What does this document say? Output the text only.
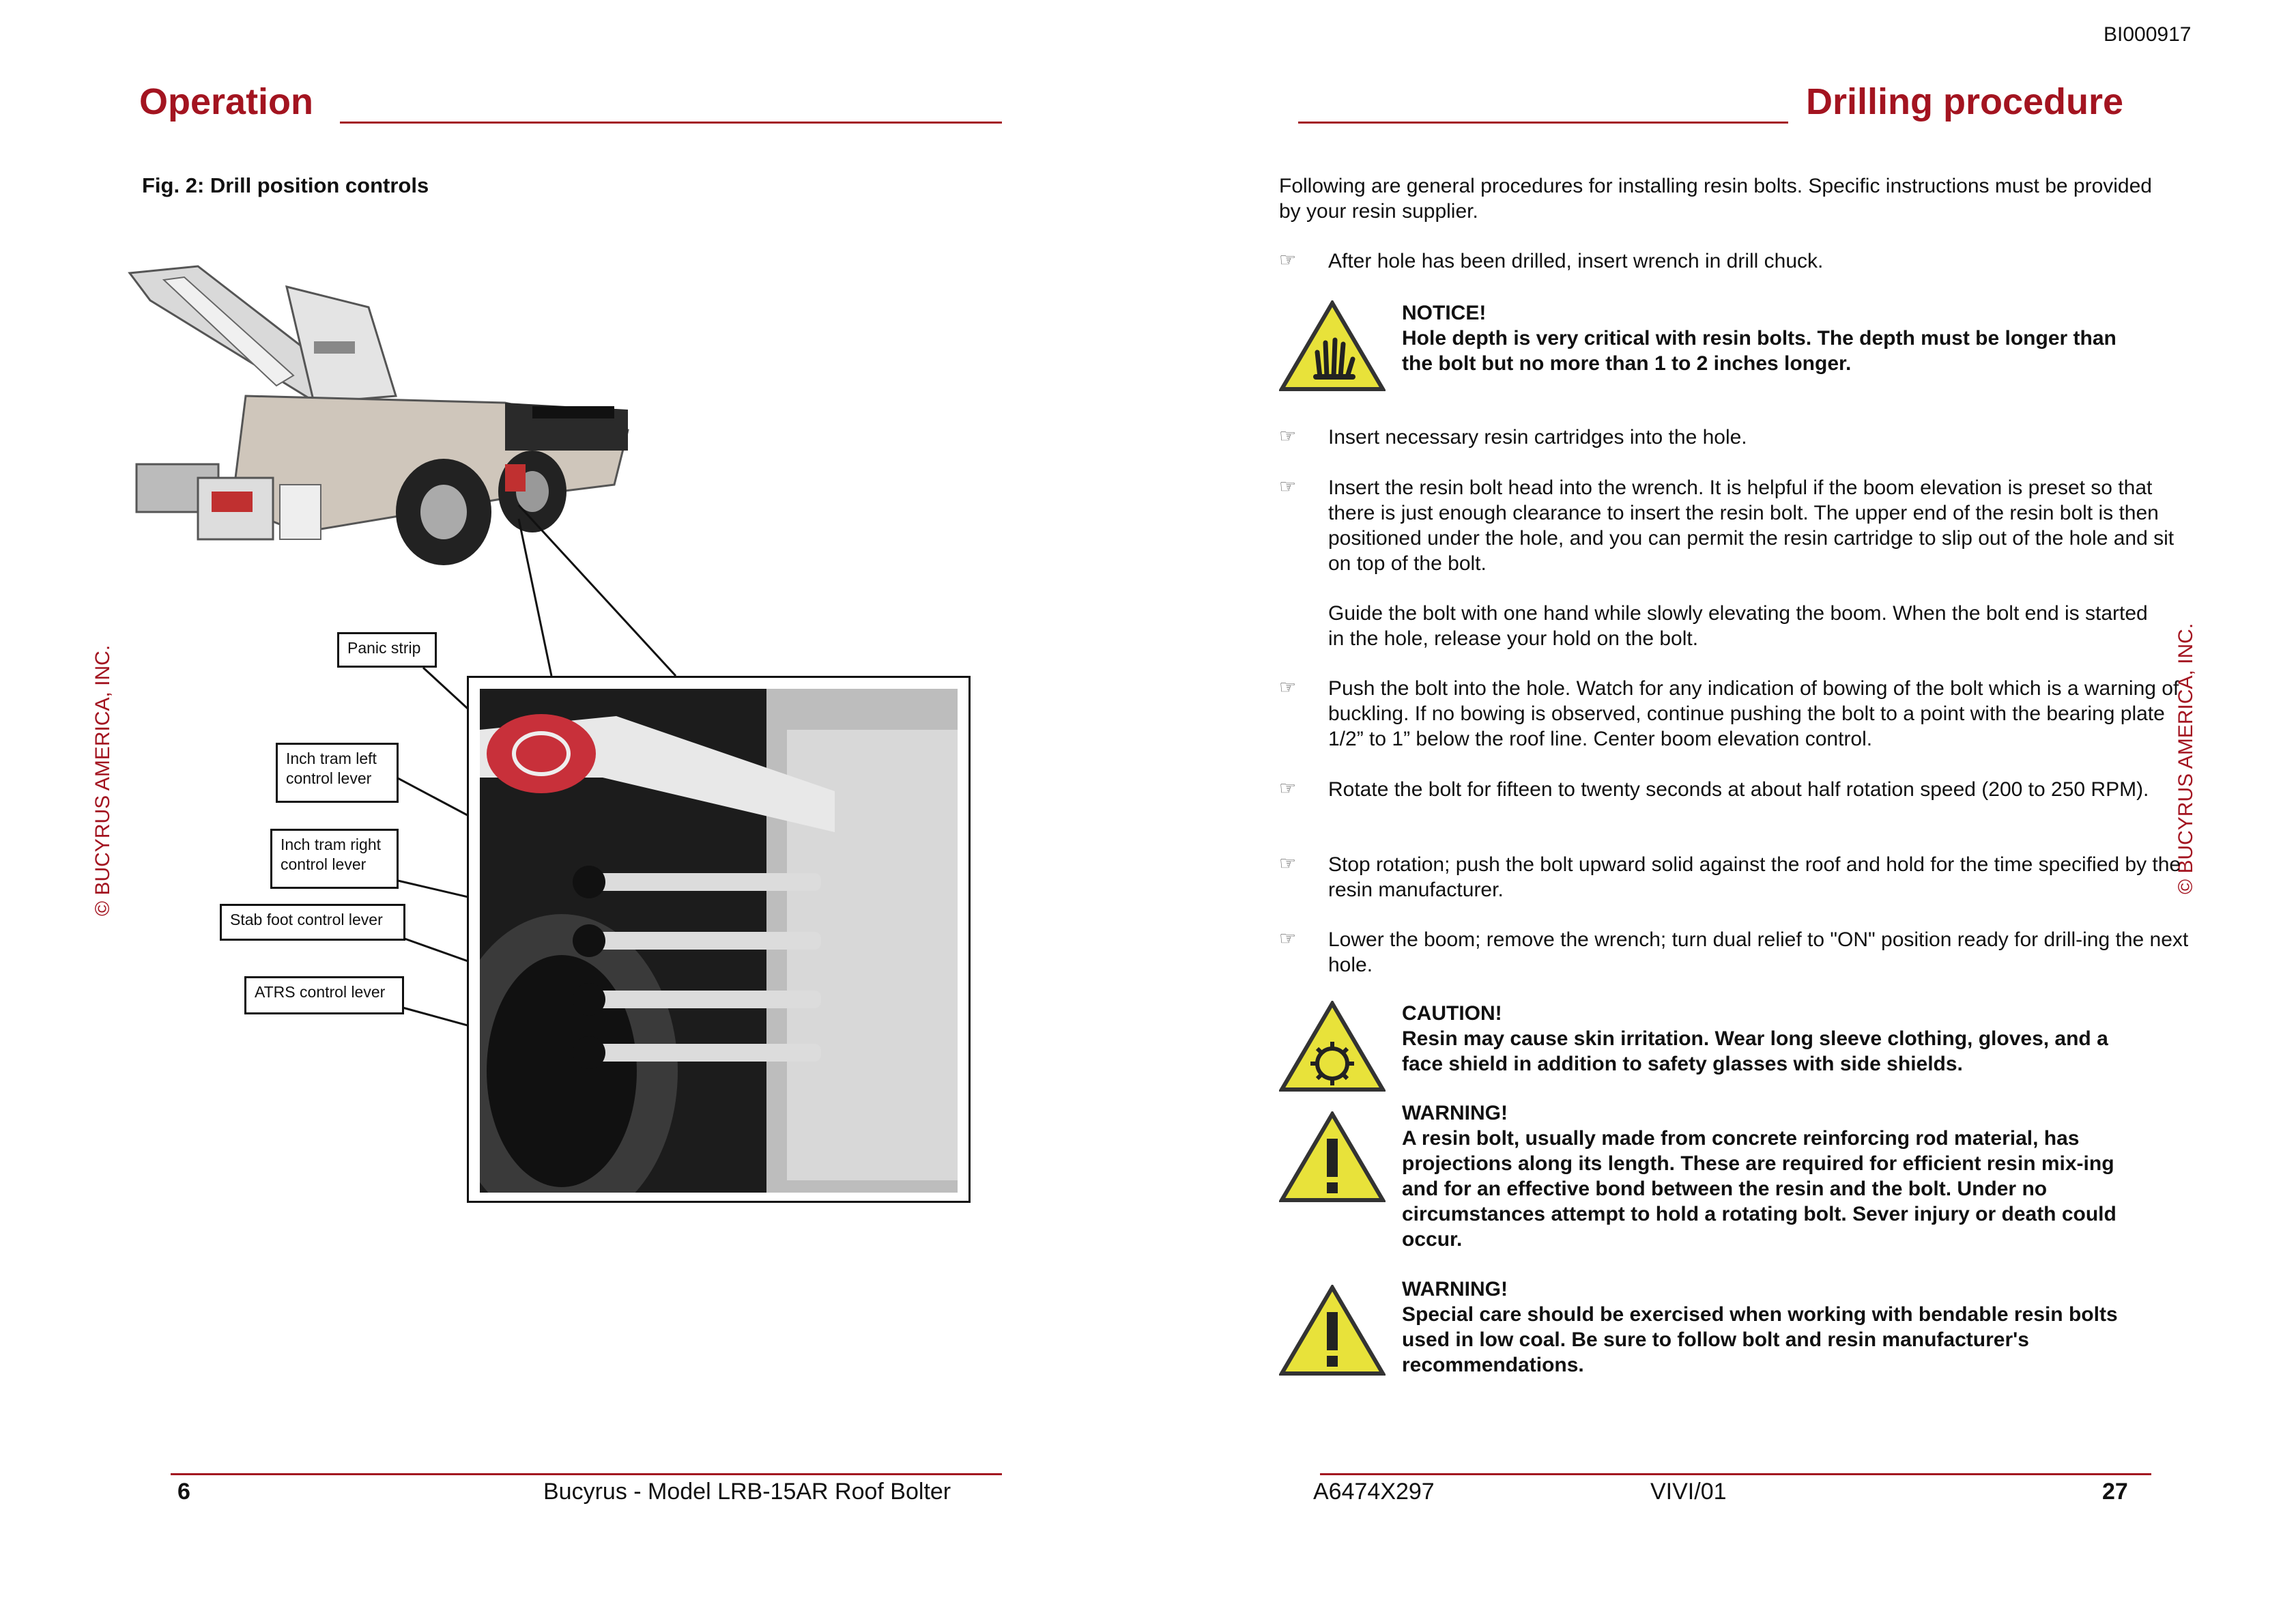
BI000917
Operation	Drilling procedure
Fig. 2: Drill position controls
© BUCYRUS AMERICA, INC.	Panic strip
Inch tram left control lever
Inch tram right control lever
Stab foot control lever
ATRS control lever
6	Bucyrus - Model LRB-15AR Roof Bolter
Following are general procedures for installing resin bolts. Specific instructions must be provided by your resin supplier.
© BUCYRUS AMERICA, INC.
☞ After hole has been drilled, insert wrench in drill chuck.
NOTICE!
Hole depth is very critical with resin bolts. The depth must be longer than the bolt but no more than 1 to 2 inches longer.
☞ Insert necessary resin cartridges into the hole.
☞ Insert the resin bolt head into the wrench. It is helpful if the boom elevation is preset so that there is just enough clearance to insert the resin bolt. The upper end of the resin bolt is then positioned under the hole, and you can permit the resin cartridge to slip out of the hole and sit on top of the bolt.
Guide the bolt with one hand while slowly elevating the boom. When the bolt end is started in the hole, release your hold on the bolt.
☞ Push the bolt into the hole. Watch for any indication of bowing of the bolt which is a warning of buckling. If no bowing is observed, continue pushing the bolt to a point with the bearing plate 1/2” to 1” below the roof line. Center boom elevation control.
☞ Rotate the bolt for fifteen to twenty seconds at about half rotation speed (200 to 250 RPM).
☞ Stop rotation; push the bolt upward solid against the roof and hold for the time specified by the resin manufacturer.
☞ Lower the boom; remove the wrench; turn dual relief to "ON" position ready for drill-ing the next hole.
CAUTION!
Resin may cause skin irritation. Wear long sleeve clothing, gloves, and a face shield in addition to safety glasses with side shields.
WARNING!
A resin bolt, usually made from concrete reinforcing rod material, has projections along its length. These are required for efficient resin mix-ing and for an effective bond between the resin and the bolt. Under no circumstances attempt to hold a rotating bolt. Sever injury or death could occur.
WARNING!
Special care should be exercised when working with bendable resin bolts used in low coal. Be sure to follow bolt and resin manufacturer's recommendations.
A6474X297	VIVI/01	27
